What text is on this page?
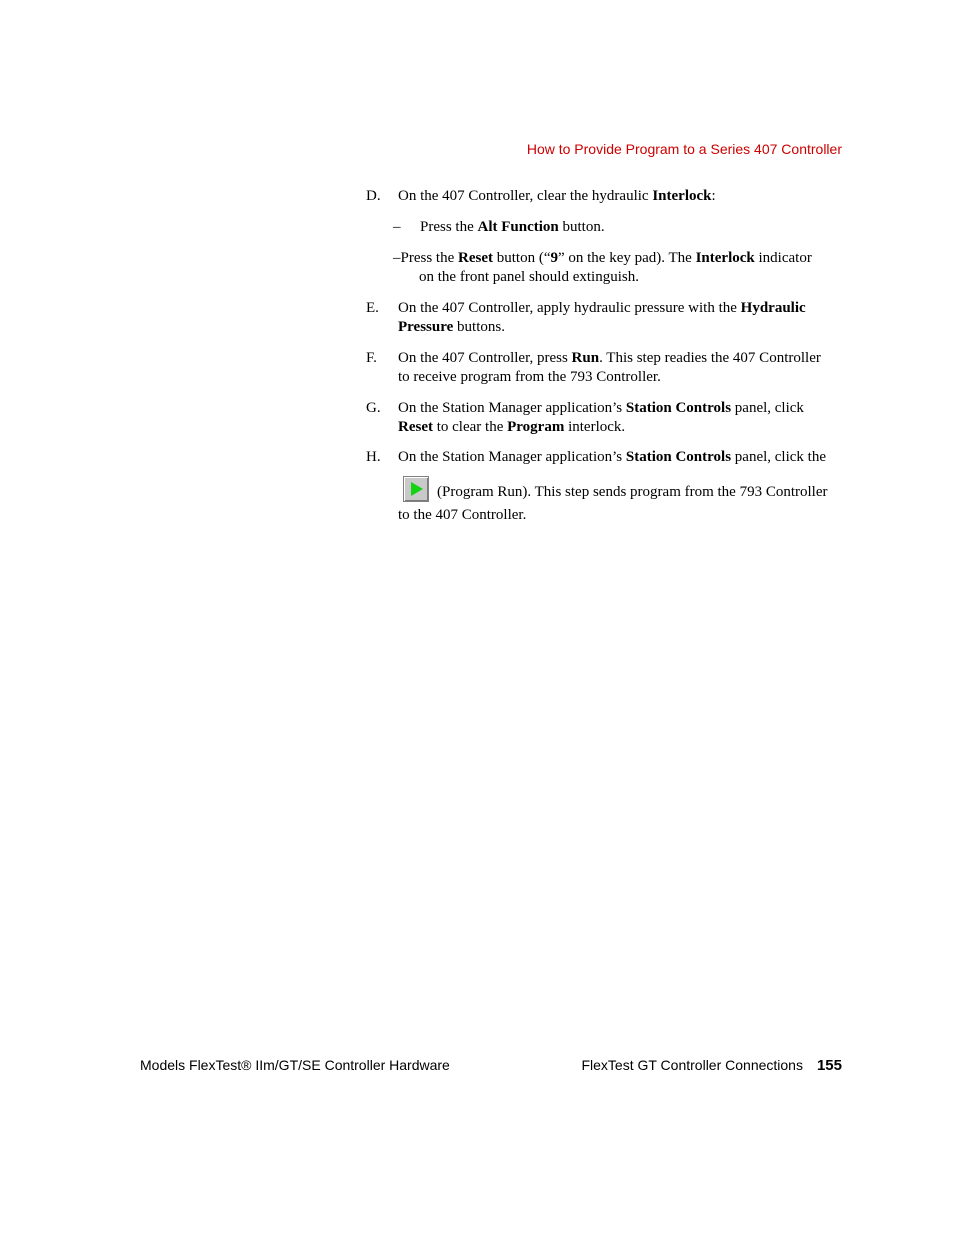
How to Provide Program to a Series 407 Controller
D. On the 407 Controller, clear the hydraulic Interlock:
– Press the Alt Function button.
–Press the Reset button (“9” on the key pad). The Interlock indicator
on the front panel should extinguish.
E. On the 407 Controller, apply hydraulic pressure with the Hydraulic
Pressure buttons.
F. On the 407 Controller, press Run. This step readies the 407 Controller
to receive program from the 793 Controller.
G. On the Station Manager application’s Station Controls panel, click
Reset to clear the Program interlock.
H. On the Station Manager application’s Station Controls panel, click the
(Program Run). This step sends program from the 793 Controller
to the 407 Controller.
Models FlexTest® IIm/GT/SE Controller Hardware	FlexTest GT Controller Connections 155
